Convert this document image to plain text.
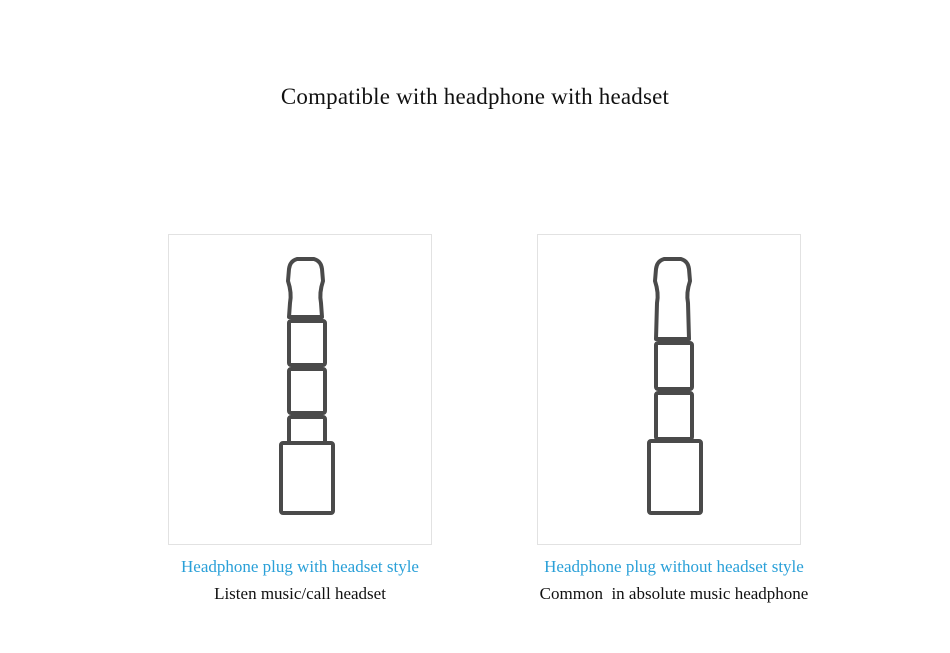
Compatible with headphone with headset
Headphone plug with headset style
Listen music/call headset
Headphone plug without headset style
Common  in absolute music headphone
